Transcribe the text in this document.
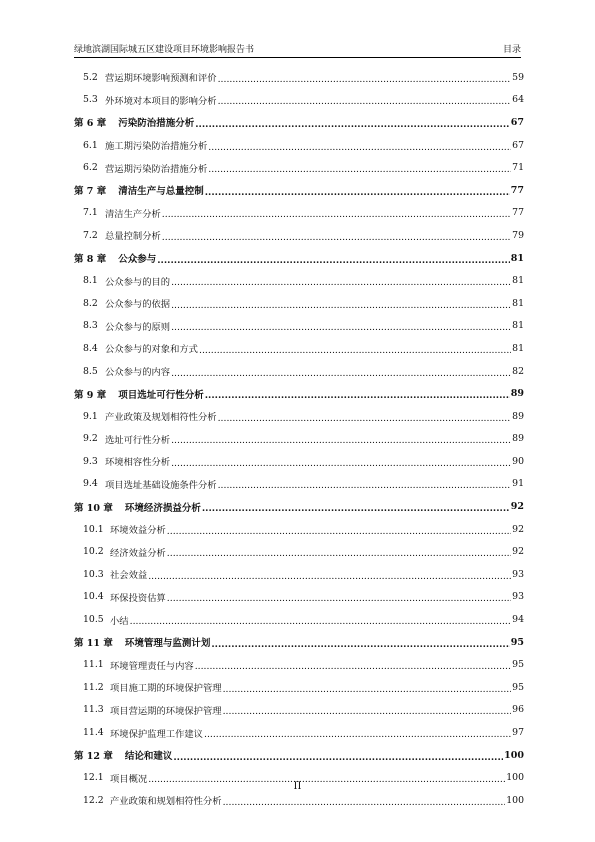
绿地滨湖国际城五区建设项目环境影响报告书	目录
5.2 营运期环境影响预测和评价 .....	59
5.3 外环境对本项目的影响分析 .....	64
第 6 章 污染防治措施分析 .....	67
6.1 施工期污染防治措施分析 .....	67
6.2 营运期污染防治措施分析 .....	71
第 7 章 清洁生产与总量控制 .....	77
7.1 清洁生产分析 .....	77
7.2 总量控制分析 .....	79
第 8 章 公众参与 .....	81
8.1 公众参与的目的 .....	81
8.2 公众参与的依据 .....	81
8.3 公众参与的原则 .....	81
8.4 公众参与的对象和方式 .....	81
8.5 公众参与的内容 .....	82
第 9 章 项目选址可行性分析 .....	89
9.1 产业政策及规划相符性分析 .....	89
9.2 选址可行性分析 .....	89
9.3 环境相容性分析 .....	90
9.4 项目选址基础设施条件分析 .....	91
第 10 章 环境经济损益分析 .....	92
10.1 环境效益分析 .....	92
10.2 经济效益分析 .....	92
10.3 社会效益 .....	93
10.4 环保投资估算 .....	93
10.5 小结 .....	94
第 11 章 环境管理与监测计划 .....	95
11.1 环境管理责任与内容 .....	95
11.2 项目施工期的环境保护管理 .....	95
11.3 项目营运期的环境保护管理 .....	96
11.4 环境保护监理工作建议 .....	97
第 12 章 结论和建议 .....	100
12.1 项目概况 .....	100
12.2 产业政策和规划相符性分析 .....	100
II
